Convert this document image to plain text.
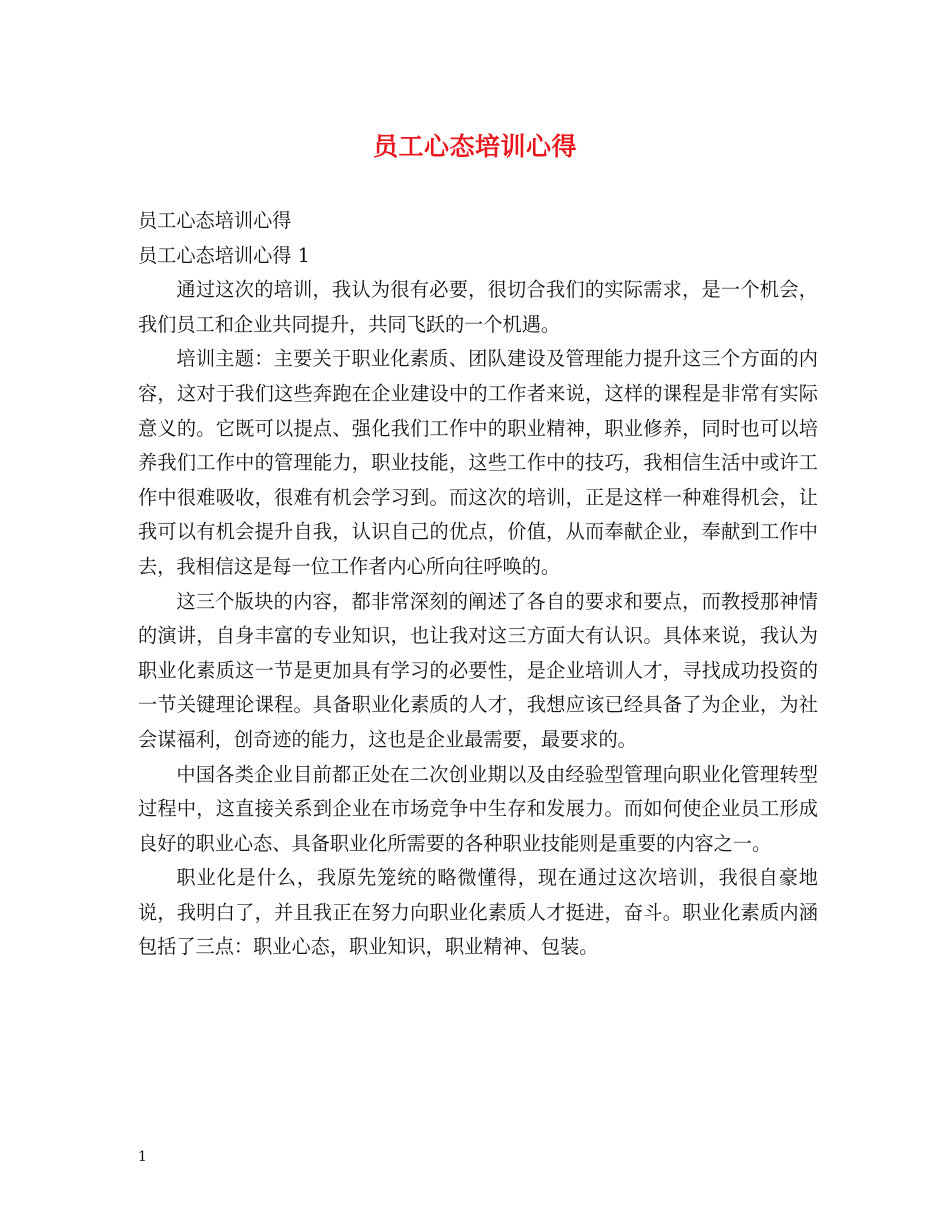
员工心态培训心得

员工心态培训心得

员工心态培训心得 1

通过这次的培训，我认为很有必要，很切合我们的实际需求，是一个机会，我们员工和企业共同提升，共同飞跃的一个机遇。

培训主题：主要关于职业化素质、团队建设及管理能力提升这三个方面的内容，这对于我们这些奔跑在企业建设中的工作者来说，这样的课程是非常有实际意义的。它既可以提点、强化我们工作中的职业精神，职业修养，同时也可以培养我们工作中的管理能力，职业技能，这些工作中的技巧，我相信生活中或许工作中很难吸收，很难有机会学习到。而这次的培训，正是这样一种难得机会，让我可以有机会提升自我，认识自己的优点，价值，从而奉献企业，奉献到工作中去，我相信这是每一位工作者内心所向往呼唤的。

这三个版块的内容，都非常深刻的阐述了各自的要求和要点，而教授那神情的演讲，自身丰富的专业知识，也让我对这三方面大有认识。具体来说，我认为职业化素质这一节是更加具有学习的必要性，是企业培训人才，寻找成功投资的一节关键理论课程。具备职业化素质的人才，我想应该已经具备了为企业，为社会谋福利，创奇迹的能力，这也是企业最需要，最要求的。

中国各类企业目前都正处在二次创业期以及由经验型管理向职业化管理转型过程中，这直接关系到企业在市场竞争中生存和发展力。而如何使企业员工形成良好的职业心态、具备职业化所需要的各种职业技能则是重要的内容之一。

职业化是什么，我原先笼统的略微懂得，现在通过这次培训，我很自豪地说，我明白了，并且我正在努力向职业化素质人才挺进，奋斗。职业化素质内涵包括了三点：职业心态，职业知识，职业精神、包装。

1
